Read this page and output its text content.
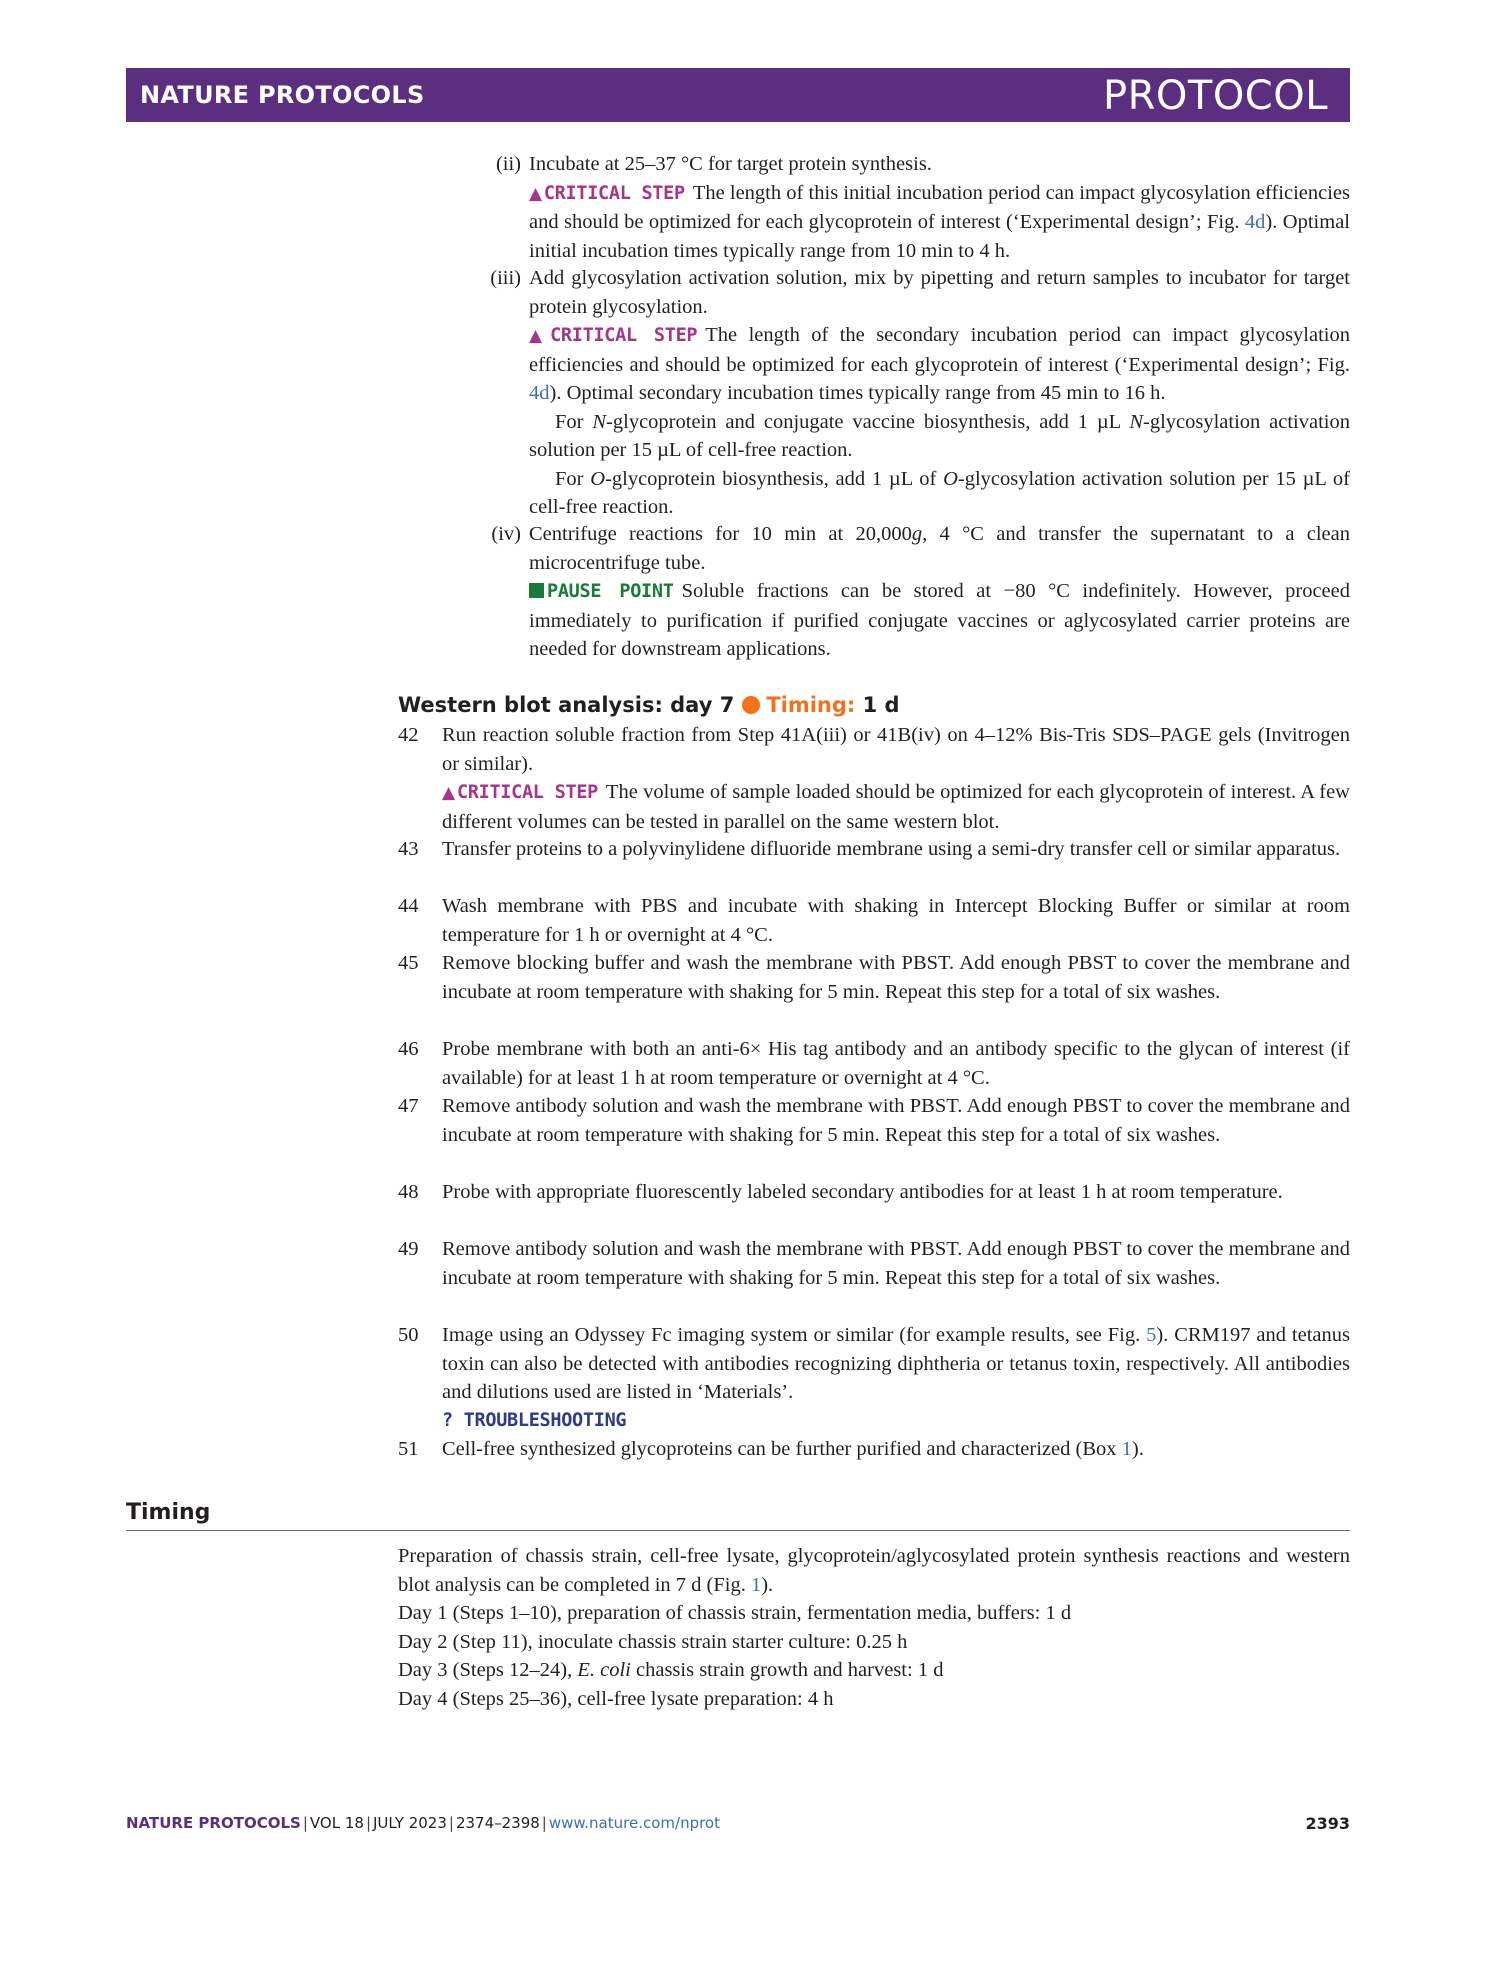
NATURE PROTOCOLS	PROTOCOL
(ii) Incubate at 25–37 °C for target protein synthesis.
▲ CRITICAL STEP The length of this initial incubation period can impact glycosylation efficiencies and should be optimized for each glycoprotein of interest (‘Experimental design’; Fig. 4d). Optimal initial incubation times typically range from 10 min to 4 h.
(iii) Add glycosylation activation solution, mix by pipetting and return samples to incubator for target protein glycosylation.
▲ CRITICAL STEP The length of the secondary incubation period can impact glycosylation efficiencies and should be optimized for each glycoprotein of interest (‘Experimental design’; Fig. 4d). Optimal secondary incubation times typically range from 45 min to 16 h.
For N-glycoprotein and conjugate vaccine biosynthesis, add 1 µL N-glycosylation activation solution per 15 µL of cell-free reaction.
For O-glycoprotein biosynthesis, add 1 µL of O-glycosylation activation solution per 15 µL of cell-free reaction.
(iv) Centrifuge reactions for 10 min at 20,000g, 4 °C and transfer the supernatant to a clean microcentrifuge tube.
PAUSE POINT Soluble fractions can be stored at −80 °C indefinitely. However, proceed immediately to purification if purified conjugate vaccines or aglycosylated carrier proteins are needed for downstream applications.
Western blot analysis: day 7 Timing: 1 d
42	Run reaction soluble fraction from Step 41A(iii) or 41B(iv) on 4–12% Bis-Tris SDS–PAGE gels (Invitrogen or similar).
▲ CRITICAL STEP The volume of sample loaded should be optimized for each glycoprotein of interest. A few different volumes can be tested in parallel on the same western blot.
43	Transfer proteins to a polyvinylidene difluoride membrane using a semi-dry transfer cell or similar apparatus.
44	Wash membrane with PBS and incubate with shaking in Intercept Blocking Buffer or similar at room temperature for 1 h or overnight at 4 °C.
45	Remove blocking buffer and wash the membrane with PBST. Add enough PBST to cover the membrane and incubate at room temperature with shaking for 5 min. Repeat this step for a total of six washes.
46	Probe membrane with both an anti-6× His tag antibody and an antibody specific to the glycan of interest (if available) for at least 1 h at room temperature or overnight at 4 °C.
47	Remove antibody solution and wash the membrane with PBST. Add enough PBST to cover the membrane and incubate at room temperature with shaking for 5 min. Repeat this step for a total of six washes.
48	Probe with appropriate fluorescently labeled secondary antibodies for at least 1 h at room temperature.
49	Remove antibody solution and wash the membrane with PBST. Add enough PBST to cover the membrane and incubate at room temperature with shaking for 5 min. Repeat this step for a total of six washes.
50	Image using an Odyssey Fc imaging system or similar (for example results, see Fig. 5). CRM197 and tetanus toxin can also be detected with antibodies recognizing diphtheria or tetanus toxin, respectively. All antibodies and dilutions used are listed in ‘Materials’.
? TROUBLESHOOTING
51	Cell-free synthesized glycoproteins can be further purified and characterized (Box 1).
Timing
Preparation of chassis strain, cell-free lysate, glycoprotein/aglycosylated protein synthesis reactions and western blot analysis can be completed in 7 d (Fig. 1).
Day 1 (Steps 1–10), preparation of chassis strain, fermentation media, buffers: 1 d
Day 2 (Step 11), inoculate chassis strain starter culture: 0.25 h
Day 3 (Steps 12–24), E. coli chassis strain growth and harvest: 1 d
Day 4 (Steps 25–36), cell-free lysate preparation: 4 h
NATURE PROTOCOLS | VOL 18 | JULY 2023 | 2374–2398 | www.nature.com/nprot	2393
